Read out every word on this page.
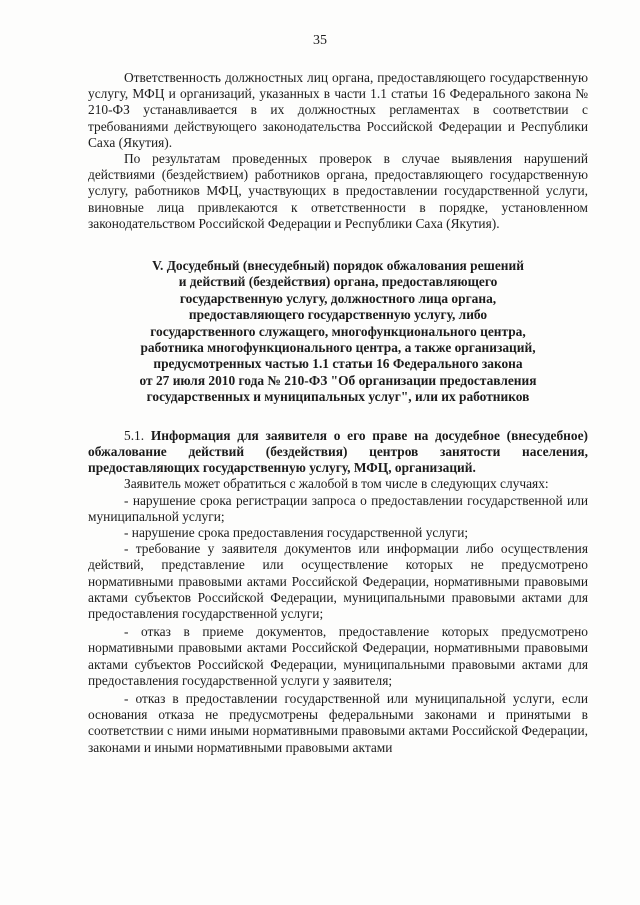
35

Ответственность должностных лиц органа, предоставляющего государственную услугу, МФЦ и организаций, указанных в части 1.1 статьи 16 Федерального закона № 210-ФЗ устанавливается в их должностных регламентах в соответствии с требованиями действующего законодательства Российской Федерации и Республики Саха (Якутия).

По результатам проведенных проверок в случае выявления нарушений действиями (бездействием) работников органа, предоставляющего государственную услугу, работников МФЦ, участвующих в предоставлении государственной услуги, виновные лица привлекаются к ответственности в порядке, установленном законодательством Российской Федерации и Республики Саха (Якутия).

V. Досудебный (внесудебный) порядок обжалования решений
и действий (бездействия) органа, предоставляющего
государственную услугу, должностного лица органа,
предоставляющего государственную услугу, либо
государственного служащего, многофункционального центра,
работника многофункционального центра, а также организаций,
предусмотренных частью 1.1 статьи 16 Федерального закона
от 27 июля 2010 года № 210-ФЗ "Об организации предоставления
государственных и муниципальных услуг", или их работников

5.1. Информация для заявителя о его праве на досудебное (внесудебное) обжалование действий (бездействия) центров занятости населения, предоставляющих государственную услугу, МФЦ, организаций.

Заявитель может обратиться с жалобой в том числе в следующих случаях:

- нарушение срока регистрации запроса о предоставлении государственной или муниципальной услуги;

- нарушение срока предоставления государственной услуги;

- требование у заявителя документов или информации либо осуществления действий, представление или осуществление которых не предусмотрено нормативными правовыми актами Российской Федерации, нормативными правовыми актами субъектов Российской Федерации, муниципальными правовыми актами для предоставления государственной услуги;

- отказ в приеме документов, предоставление которых предусмотрено нормативными правовыми актами Российской Федерации, нормативными правовыми актами субъектов Российской Федерации, муниципальными правовыми актами для предоставления государственной услуги у заявителя;

- отказ в предоставлении государственной или муниципальной услуги, если основания отказа не предусмотрены федеральными законами и принятыми в соответствии с ними иными нормативными правовыми актами Российской Федерации, законами и иными нормативными правовыми актами
